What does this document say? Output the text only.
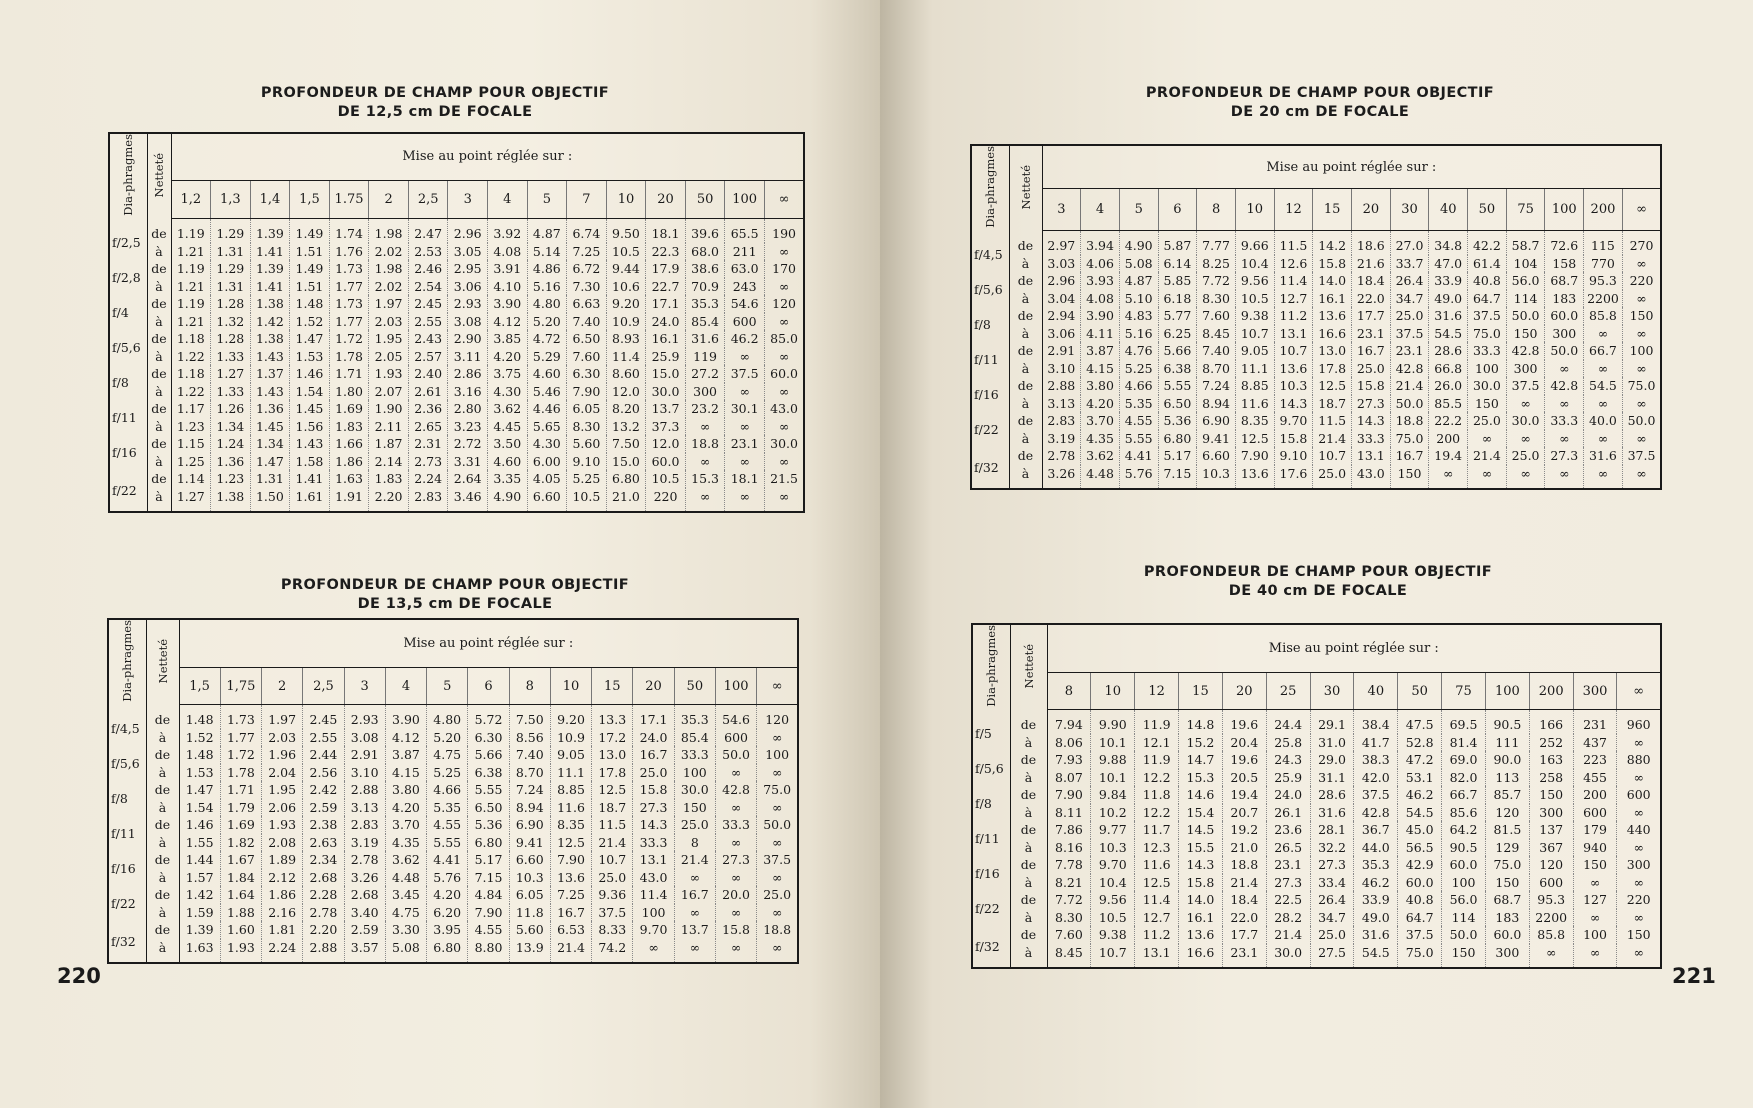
PROFONDEUR DE CHAMP POUR OBJECTIF
DE 12,5 cm DE FOCALE
PROFONDEUR DE CHAMP POUR OBJECTIF
DE 13,5 cm DE FOCALE
PROFONDEUR DE CHAMP POUR OBJECTIF
DE 20 cm DE FOCALE
PROFONDEUR DE CHAMP POUR OBJECTIF
DE 40 cm DE FOCALE
Dia-phragmes	Netteté	Mise au point réglée sur :															
		1,2	1,3	1,4	1,5	1.75	2	2,5	3	4	5	7	10	20	50	100	∞
f/2,5	de	1.19	1.29	1.39	1.49	1.74	1.98	2.47	2.96	3.92	4.87	6.74	9.50	18.1	39.6	65.5	190
	à	1.21	1.31	1.41	1.51	1.76	2.02	2.53	3.05	4.08	5.14	7.25	10.5	22.3	68.0	211	∞
f/2,8	de	1.19	1.29	1.39	1.49	1.73	1.98	2.46	2.95	3.91	4.86	6.72	9.44	17.9	38.6	63.0	170
	à	1.21	1.31	1.41	1.51	1.77	2.02	2.54	3.06	4.10	5.16	7.30	10.6	22.7	70.9	243	∞
f/4	de	1.19	1.28	1.38	1.48	1.73	1.97	2.45	2.93	3.90	4.80	6.63	9.20	17.1	35.3	54.6	120
	à	1.21	1.32	1.42	1.52	1.77	2.03	2.55	3.08	4.12	5.20	7.40	10.9	24.0	85.4	600	∞
f/5,6	de	1.18	1.28	1.38	1.47	1.72	1.95	2.43	2.90	3.85	4.72	6.50	8.93	16.1	31.6	46.2	85.0
	à	1.22	1.33	1.43	1.53	1.78	2.05	2.57	3.11	4.20	5.29	7.60	11.4	25.9	119	∞	∞
f/8	de	1.18	1.27	1.37	1.46	1.71	1.93	2.40	2.86	3.75	4.60	6.30	8.60	15.0	27.2	37.5	60.0
	à	1.22	1.33	1.43	1.54	1.80	2.07	2.61	3.16	4.30	5.46	7.90	12.0	30.0	300	∞	∞
f/11	de	1.17	1.26	1.36	1.45	1.69	1.90	2.36	2.80	3.62	4.46	6.05	8.20	13.7	23.2	30.1	43.0
	à	1.23	1.34	1.45	1.56	1.83	2.11	2.65	3.23	4.45	5.65	8.30	13.2	37.3	∞	∞	∞
f/16	de	1.15	1.24	1.34	1.43	1.66	1.87	2.31	2.72	3.50	4.30	5.60	7.50	12.0	18.8	23.1	30.0
	à	1.25	1.36	1.47	1.58	1.86	2.14	2.73	3.31	4.60	6.00	9.10	15.0	60.0	∞	∞	∞
f/22	de	1.14	1.23	1.31	1.41	1.63	1.83	2.24	2.64	3.35	4.05	5.25	6.80	10.5	15.3	18.1	21.5
	à	1.27	1.38	1.50	1.61	1.91	2.20	2.83	3.46	4.90	6.60	10.5	21.0	220	∞	∞	∞
Dia-phragmes	Netteté	Mise au point réglée sur :														
		1,5	1,75	2	2,5	3	4	5	6	8	10	15	20	50	100	∞
f/4,5	de	1.48	1.73	1.97	2.45	2.93	3.90	4.80	5.72	7.50	9.20	13.3	17.1	35.3	54.6	120
	à	1.52	1.77	2.03	2.55	3.08	4.12	5.20	6.30	8.56	10.9	17.2	24.0	85.4	600	∞
f/5,6	de	1.48	1.72	1.96	2.44	2.91	3.87	4.75	5.66	7.40	9.05	13.0	16.7	33.3	50.0	100
	à	1.53	1.78	2.04	2.56	3.10	4.15	5.25	6.38	8.70	11.1	17.8	25.0	100	∞	∞
f/8	de	1.47	1.71	1.95	2.42	2.88	3.80	4.66	5.55	7.24	8.85	12.5	15.8	30.0	42.8	75.0
	à	1.54	1.79	2.06	2.59	3.13	4.20	5.35	6.50	8.94	11.6	18.7	27.3	150	∞	∞
f/11	de	1.46	1.69	1.93	2.38	2.83	3.70	4.55	5.36	6.90	8.35	11.5	14.3	25.0	33.3	50.0
	à	1.55	1.82	2.08	2.63	3.19	4.35	5.55	6.80	9.41	12.5	21.4	33.3	8	∞	∞
f/16	de	1.44	1.67	1.89	2.34	2.78	3.62	4.41	5.17	6.60	7.90	10.7	13.1	21.4	27.3	37.5
	à	1.57	1.84	2.12	2.68	3.26	4.48	5.76	7.15	10.3	13.6	25.0	43.0	∞	∞	∞
f/22	de	1.42	1.64	1.86	2.28	2.68	3.45	4.20	4.84	6.05	7.25	9.36	11.4	16.7	20.0	25.0
	à	1.59	1.88	2.16	2.78	3.40	4.75	6.20	7.90	11.8	16.7	37.5	100	∞	∞	∞
f/32	de	1.39	1.60	1.81	2.20	2.59	3.30	3.95	4.55	5.60	6.53	8.33	9.70	13.7	15.8	18.8
	à	1.63	1.93	2.24	2.88	3.57	5.08	6.80	8.80	13.9	21.4	74.2	∞	∞	∞	∞
Dia-phragmes	Netteté	Mise au point réglée sur :															
		3	4	5	6	8	10	12	15	20	30	40	50	75	100	200	∞
f/4,5	de	2.97	3.94	4.90	5.87	7.77	9.66	11.5	14.2	18.6	27.0	34.8	42.2	58.7	72.6	115	270
	à	3.03	4.06	5.08	6.14	8.25	10.4	12.6	15.8	21.6	33.7	47.0	61.4	104	158	770	∞
f/5,6	de	2.96	3.93	4.87	5.85	7.72	9.56	11.4	14.0	18.4	26.4	33.9	40.8	56.0	68.7	95.3	220
	à	3.04	4.08	5.10	6.18	8.30	10.5	12.7	16.1	22.0	34.7	49.0	64.7	114	183	2200	∞
f/8	de	2.94	3.90	4.83	5.77	7.60	9.38	11.2	13.6	17.7	25.0	31.6	37.5	50.0	60.0	85.8	150
	à	3.06	4.11	5.16	6.25	8.45	10.7	13.1	16.6	23.1	37.5	54.5	75.0	150	300	∞	∞
f/11	de	2.91	3.87	4.76	5.66	7.40	9.05	10.7	13.0	16.7	23.1	28.6	33.3	42.8	50.0	66.7	100
	à	3.10	4.15	5.25	6.38	8.70	11.1	13.6	17.8	25.0	42.8	66.8	100	300	∞	∞	∞
f/16	de	2.88	3.80	4.66	5.55	7.24	8.85	10.3	12.5	15.8	21.4	26.0	30.0	37.5	42.8	54.5	75.0
	à	3.13	4.20	5.35	6.50	8.94	11.6	14.3	18.7	27.3	50.0	85.5	150	∞	∞	∞	∞
f/22	de	2.83	3.70	4.55	5.36	6.90	8.35	9.70	11.5	14.3	18.8	22.2	25.0	30.0	33.3	40.0	50.0
	à	3.19	4.35	5.55	6.80	9.41	12.5	15.8	21.4	33.3	75.0	200	∞	∞	∞	∞	∞
f/32	de	2.78	3.62	4.41	5.17	6.60	7.90	9.10	10.7	13.1	16.7	19.4	21.4	25.0	27.3	31.6	37.5
	à	3.26	4.48	5.76	7.15	10.3	13.6	17.6	25.0	43.0	150	∞	∞	∞	∞	∞	∞
Dia-phragmes	Netteté	Mise au point réglée sur :													
		8	10	12	15	20	25	30	40	50	75	100	200	300	∞
f/5	de	7.94	9.90	11.9	14.8	19.6	24.4	29.1	38.4	47.5	69.5	90.5	166	231	960
	à	8.06	10.1	12.1	15.2	20.4	25.8	31.0	41.7	52.8	81.4	111	252	437	∞
f/5,6	de	7.93	9.88	11.9	14.7	19.6	24.3	29.0	38.3	47.2	69.0	90.0	163	223	880
	à	8.07	10.1	12.2	15.3	20.5	25.9	31.1	42.0	53.1	82.0	113	258	455	∞
f/8	de	7.90	9.84	11.8	14.6	19.4	24.0	28.6	37.5	46.2	66.7	85.7	150	200	600
	à	8.11	10.2	12.2	15.4	20.7	26.1	31.6	42.8	54.5	85.6	120	300	600	∞
f/11	de	7.86	9.77	11.7	14.5	19.2	23.6	28.1	36.7	45.0	64.2	81.5	137	179	440
	à	8.16	10.3	12.3	15.5	21.0	26.5	32.2	44.0	56.5	90.5	129	367	940	∞
f/16	de	7.78	9.70	11.6	14.3	18.8	23.1	27.3	35.3	42.9	60.0	75.0	120	150	300
	à	8.21	10.4	12.5	15.8	21.4	27.3	33.4	46.2	60.0	100	150	600	∞	∞
f/22	de	7.72	9.56	11.4	14.0	18.4	22.5	26.4	33.9	40.8	56.0	68.7	95.3	127	220
	à	8.30	10.5	12.7	16.1	22.0	28.2	34.7	49.0	64.7	114	183	2200	∞	∞
f/32	de	7.60	9.38	11.2	13.6	17.7	21.4	25.0	31.6	37.5	50.0	60.0	85.8	100	150
	à	8.45	10.7	13.1	16.6	23.1	30.0	27.5	54.5	75.0	150	300	∞	∞	∞
220	221
